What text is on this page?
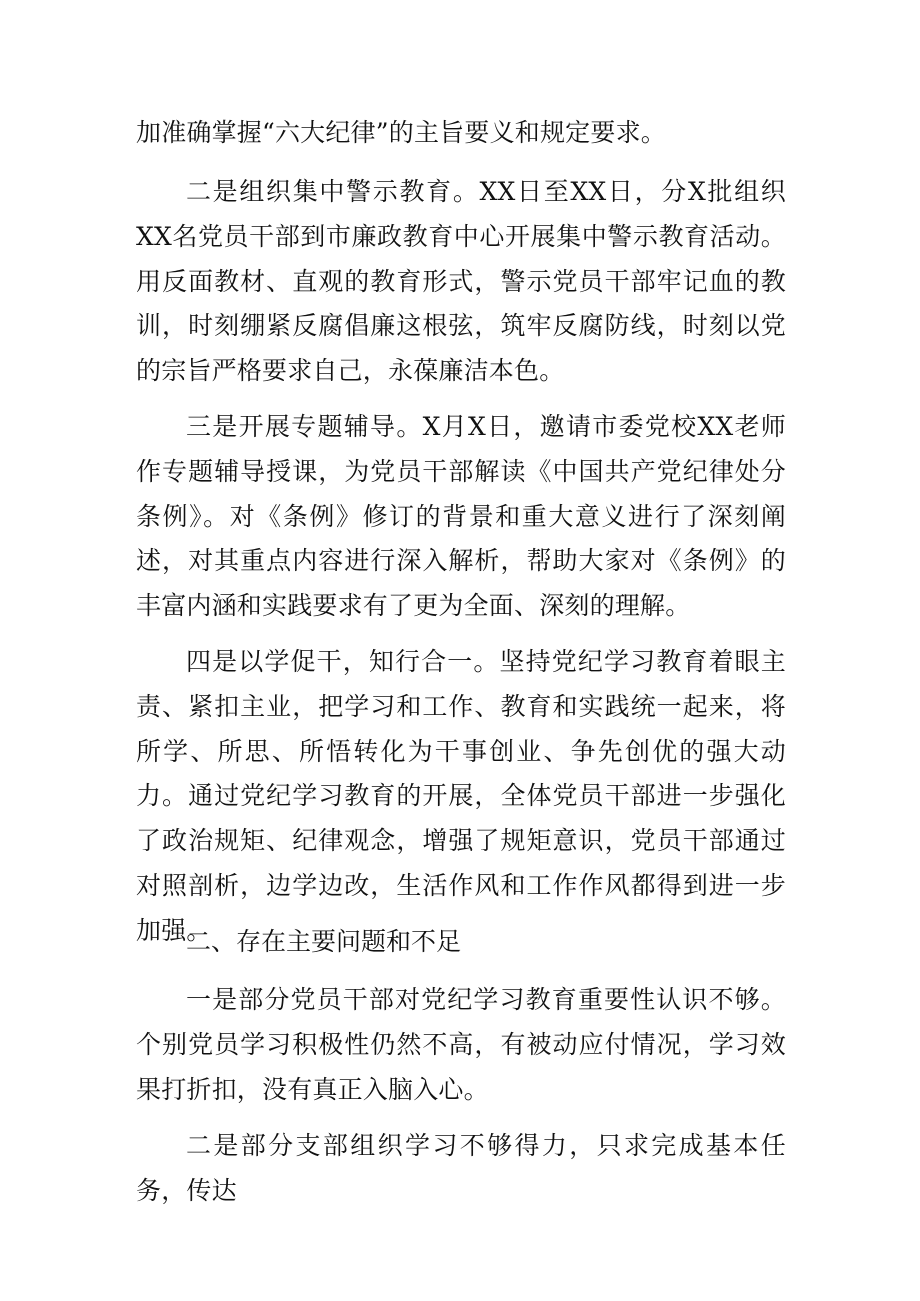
加准确掌握“六大纪律”的主旨要义和规定要求。

二是组织集中警示教育。XX日至XX日，分X批组织XX名党员干部到市廉政教育中心开展集中警示教育活动。用反面教材、直观的教育形式，警示党员干部牢记血的教训，时刻绷紧反腐倡廉这根弦，筑牢反腐防线，时刻以党的宗旨严格要求自己，永葆廉洁本色。

三是开展专题辅导。X月X日，邀请市委党校XX老师作专题辅导授课，为党员干部解读《中国共产党纪律处分条例》。对《条例》修订的背景和重大意义进行了深刻阐述，对其重点内容进行深入解析，帮助大家对《条例》的丰富内涵和实践要求有了更为全面、深刻的理解。

四是以学促干，知行合一。坚持党纪学习教育着眼主责、紧扣主业，把学习和工作、教育和实践统一起来，将所学、所思、所悟转化为干事创业、争先创优的强大动力。通过党纪学习教育的开展，全体党员干部进一步强化了政治规矩、纪律观念，增强了规矩意识，党员干部通过对照剖析，边学边改，生活作风和工作作风都得到进一步加强。

二、存在主要问题和不足

一是部分党员干部对党纪学习教育重要性认识不够。个别党员学习积极性仍然不高，有被动应付情况，学习效果打折扣，没有真正入脑入心。

二是部分支部组织学习不够得力，只求完成基本任务，传达
